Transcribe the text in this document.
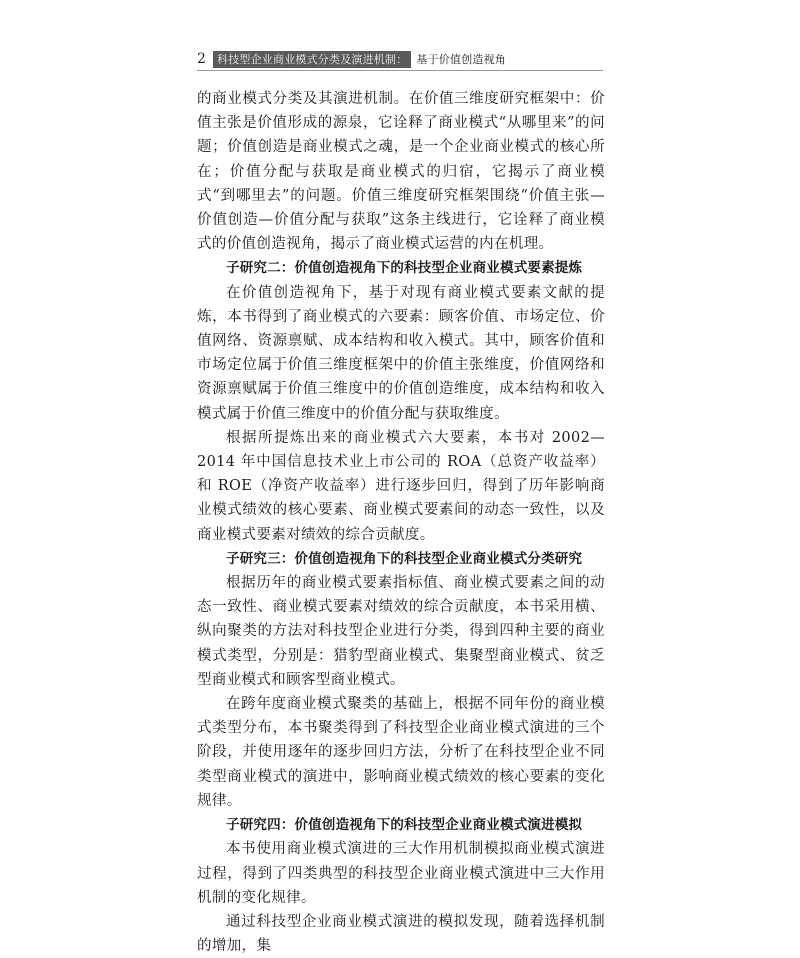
2	科技型企业商业模式分类及演进机制： 基于价值创造视角

的商业模式分类及其演进机制。在价值三维度研究框架中：价值主张是价值形成的源泉，它诠释了商业模式“从哪里来”的问题；价值创造是商业模式之魂，是一个企业商业模式的核心所在；价值分配与获取是商业模式的归宿，它揭示了商业模式“到哪里去”的问题。价值三维度研究框架围绕“价值主张—价值创造—价值分配与获取”这条主线进行，它诠释了商业模式的价值创造视角，揭示了商业模式运营的内在机理。

子研究二：价值创造视角下的科技型企业商业模式要素提炼

在价值创造视角下，基于对现有商业模式要素文献的提炼，本书得到了商业模式的六要素：顾客价值、市场定位、价值网络、资源禀赋、成本结构和收入模式。其中，顾客价值和市场定位属于价值三维度框架中的价值主张维度，价值网络和资源禀赋属于价值三维度中的价值创造维度，成本结构和收入模式属于价值三维度中的价值分配与获取维度。

根据所提炼出来的商业模式六大要素，本书对 2002—2014 年中国信息技术业上市公司的 ROA（总资产收益率）和 ROE（净资产收益率）进行逐步回归，得到了历年影响商业模式绩效的核心要素、商业模式要素间的动态一致性，以及商业模式要素对绩效的综合贡献度。

子研究三：价值创造视角下的科技型企业商业模式分类研究

根据历年的商业模式要素指标值、商业模式要素之间的动态一致性、商业模式要素对绩效的综合贡献度，本书采用横、纵向聚类的方法对科技型企业进行分类，得到四种主要的商业模式类型，分别是：猎豹型商业模式、集聚型商业模式、贫乏型商业模式和顾客型商业模式。

在跨年度商业模式聚类的基础上，根据不同年份的商业模式类型分布，本书聚类得到了科技型企业商业模式演进的三个阶段，并使用逐年的逐步回归方法，分析了在科技型企业不同类型商业模式的演进中，影响商业模式绩效的核心要素的变化规律。

子研究四：价值创造视角下的科技型企业商业模式演进模拟

本书使用商业模式演进的三大作用机制模拟商业模式演进过程，得到了四类典型的科技型企业商业模式演进中三大作用机制的变化规律。

通过科技型企业商业模式演进的模拟发现，随着选择机制的增加，集
